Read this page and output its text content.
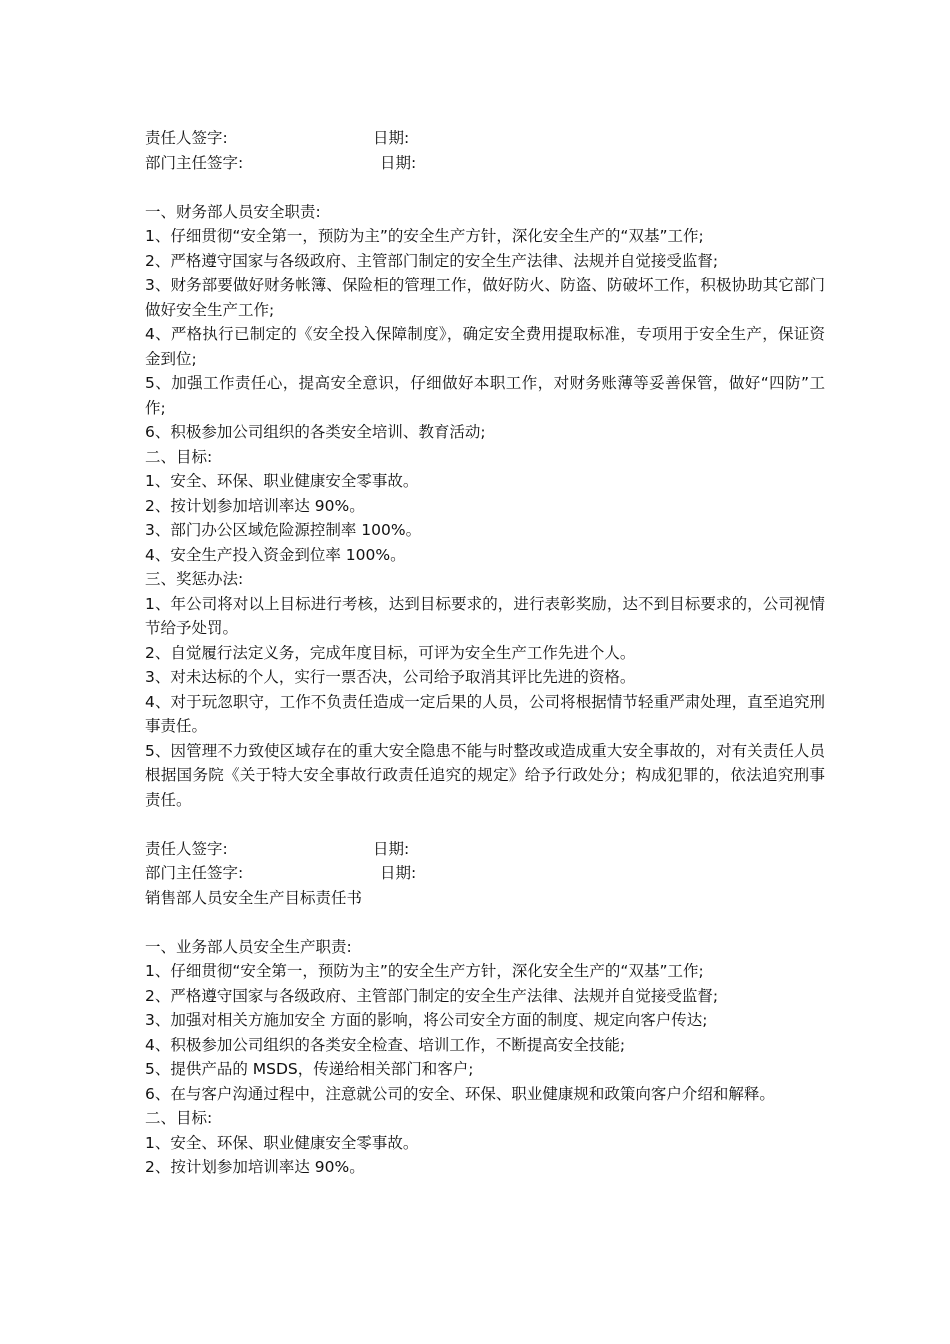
责任人签字:	日期:
部门主任签字:	日期:

一、财务部人员安全职责:

1、仔细贯彻“安全第一，预防为主”的安全生产方针，深化安全生产的“双基”工作;

2、严格遵守国家与各级政府、主管部门制定的安全生产法律、法规并自觉接受监督;

3、财务部要做好财务帐簿、保险柜的管理工作，做好防火、防盗、防破坏工作，积极协助其它部门做好安全生产工作;

4、严格执行已制定的《安全投入保障制度》，确定安全费用提取标准，专项用于安全生产，保证资金到位;

5、加强工作责任心，提高安全意识，仔细做好本职工作，对财务账薄等妥善保管，做好“四防”工作;

6、积极参加公司组织的各类安全培训、教育活动;

二、目标:

1、安全、环保、职业健康安全零事故。

2、按计划参加培训率达 90%。

3、部门办公区域危险源控制率 100%。

4、安全生产投入资金到位率 100%。

三、奖惩办法:

1、年公司将对以上目标进行考核，达到目标要求的，进行表彰奖励，达不到目标要求的，公司视情节给予处罚。

2、自觉履行法定义务，完成年度目标，可评为安全生产工作先进个人。

3、对未达标的个人，实行一票否决，公司给予取消其评比先进的资格。

4、对于玩忽职守，工作不负责任造成一定后果的人员，公司将根据情节轻重严肃处理，直至追究刑事责任。

5、因管理不力致使区域存在的重大安全隐患不能与时整改或造成重大安全事故的，对有关责任人员根据国务院《关于特大安全事故行政责任追究的规定》给予行政处分；构成犯罪的，依法追究刑事责任。

责任人签字:	日期:
部门主任签字:	日期:

销售部人员安全生产目标责任书

一、业务部人员安全生产职责:

1、仔细贯彻“安全第一，预防为主”的安全生产方针，深化安全生产的“双基”工作;

2、严格遵守国家与各级政府、主管部门制定的安全生产法律、法规并自觉接受监督;

3、加强对相关方施加安全 方面的影响，将公司安全方面的制度、规定向客户传达;

4、积极参加公司组织的各类安全检查、培训工作，不断提高安全技能;

5、提供产品的 MSDS，传递给相关部门和客户;

6、在与客户沟通过程中，注意就公司的安全、环保、职业健康规和政策向客户介绍和解释。

二、目标:

1、安全、环保、职业健康安全零事故。

2、按计划参加培训率达 90%。
